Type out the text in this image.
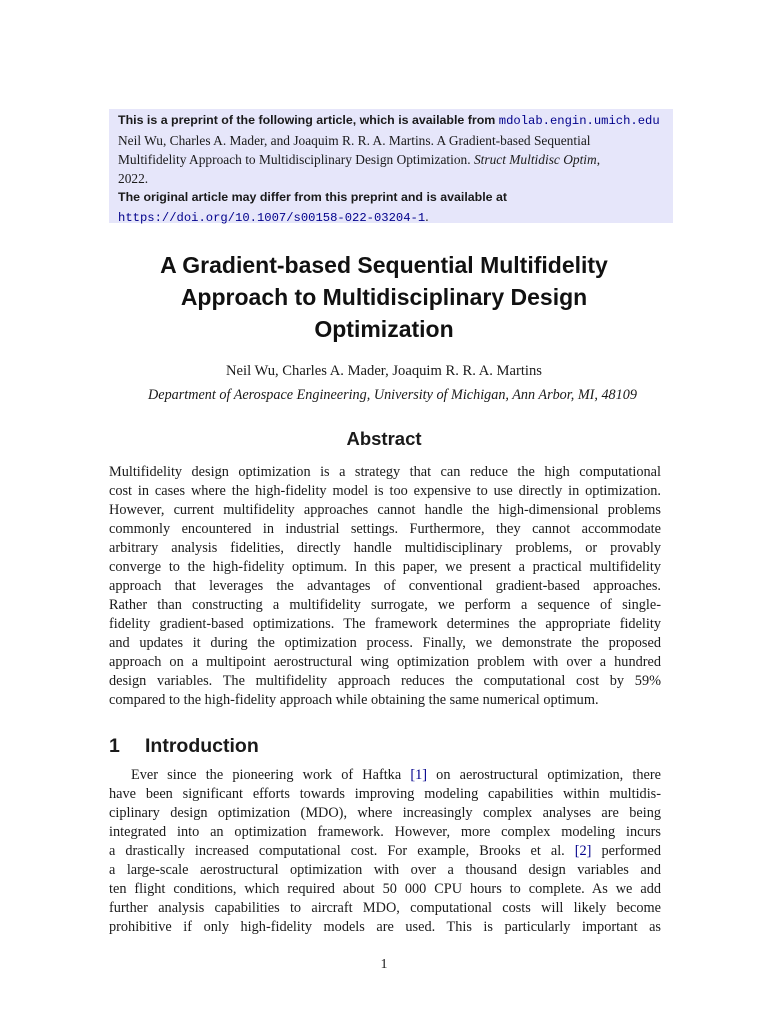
This is a preprint of the following article, which is available from mdolab.engin.umich.edu
Neil Wu, Charles A. Mader, and Joaquim R. R. A. Martins. A Gradient-based Sequential
Multifidelity Approach to Multidisciplinary Design Optimization. Struct Multidisc Optim,
2022.
The original article may differ from this preprint and is available at
https://doi.org/10.1007/s00158-022-03204-1.
A Gradient-based Sequential Multifidelity
Approach to Multidisciplinary Design
Optimization
Neil Wu, Charles A. Mader, Joaquim R. R. A. Martins
Department of Aerospace Engineering, University of Michigan, Ann Arbor, MI, 48109
Abstract
Multifidelity design optimization is a strategy that can reduce the high computational
cost in cases where the high-fidelity model is too expensive to use directly in optimization.
However, current multifidelity approaches cannot handle the high-dimensional problems
commonly encountered in industrial settings. Furthermore, they cannot accommodate
arbitrary analysis fidelities, directly handle multidisciplinary problems, or provably
converge to the high-fidelity optimum. In this paper, we present a practical multifidelity
approach that leverages the advantages of conventional gradient-based approaches.
Rather than constructing a multifidelity surrogate, we perform a sequence of single-
fidelity gradient-based optimizations. The framework determines the appropriate fidelity
and updates it during the optimization process. Finally, we demonstrate the proposed
approach on a multipoint aerostructural wing optimization problem with over a hundred
design variables. The multifidelity approach reduces the computational cost by 59%
compared to the high-fidelity approach while obtaining the same numerical optimum.
1 Introduction
Ever since the pioneering work of Haftka [1] on aerostructural optimization, there
have been significant efforts towards improving modeling capabilities within multidis-
ciplinary design optimization (MDO), where increasingly complex analyses are being
integrated into an optimization framework. However, more complex modeling incurs
a drastically increased computational cost. For example, Brooks et al. [2] performed
a large-scale aerostructural optimization with over a thousand design variables and
ten flight conditions, which required about 50 000 CPU hours to complete. As we add
further analysis capabilities to aircraft MDO, computational costs will likely become
prohibitive if only high-fidelity models are used. This is particularly important as
1
